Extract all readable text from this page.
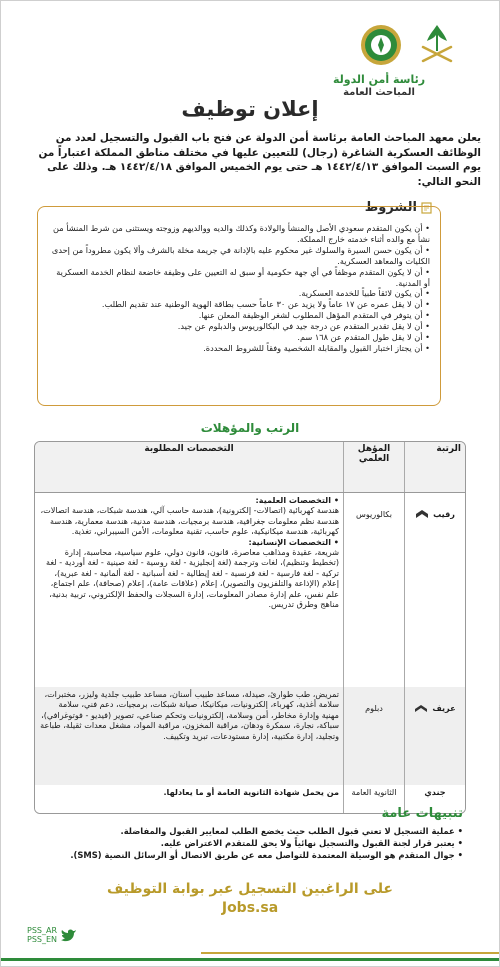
رئاسة أمن الدولة
المباحث العامة
إعلان توظيف
يعلن معهد المباحث العامة برئاسة أمن الدولة عن فتح باب القبول والتسجيل لعدد من الوظائف العسكرية الشاغرة (رجال) للتعيين عليها في مختلف مناطق المملكة اعتباراً من يوم السبت الموافق ١٤٤٢/٤/١٣ هـ حتى يوم الخميس الموافق ١٤٤٢/٤/١٨ هـ. وذلك على النحو التالي:
الشروط
• أن يكون المتقدم سعودي الأصل والمنشأ والولادة وكذلك والديه ووالديهم وزوجته ويستثنى من شرط المنشأ من نشأ مع والده أثناء خدمته خارج المملكة.
• أن يكون حسن السيرة والسلوك غير محكوم عليه بالإدانة في جريمة مخلة بالشرف وألا يكون مطروداً من إحدى الكليات والمعاهد العسكرية.
• أن لا يكون المتقدم موظفاً في أي جهة حكومية أو سبق له التعيين على وظيفة خاضعة لنظام الخدمة العسكرية أو المدنية.
• أن يكون لائقاً طبياً للخدمة العسكرية.
• أن لا يقل عمره عن ١٧ عاماً ولا يزيد عن ٣٠ عاماً حسب بطاقة الهوية الوطنية عند تقديم الطلب.
• أن يتوفر في المتقدم المؤهل المطلوب لشغر الوظيفة المعلن عنها.
• أن لا يقل تقدير المتقدم عن درجة جيد في البكالوريوس والدبلوم عن جيد.
• أن لا يقل طول المتقدم عن ١٦٨ سم.
• أن يجتاز اختبار القبول والمقابلة الشخصية وفقاً للشروط المحددة.
الرتب والمؤهلات
الرتبة	المؤهل العلمي	التخصصات المطلوبة

رقيب	بكالوريوس	• التخصصات العلمية:

هندسة كهربائية (اتصالات- إلكترونية)، هندسة حاسب آلي، هندسة شبكات، هندسة اتصالات، هندسة نظم معلومات جغرافية، هندسة برمجيات، هندسة مدنية، هندسة معمارية، هندسة كهربائية، هندسة ميكانيكية، علوم حاسب، تقنية معلومات، الأمن السيبراني، تغذية.

• التخصصات الإنسانية:

شريعة، عقيدة ومذاهب معاصرة، قانون، قانون دولي، علوم سياسية، محاسبة، إدارة (تخطيط وتنظيم)، لغات وترجمة (لغة إنجليزية - لغة روسية - لغة صينية - لغة أوردية - لغة تركية - لغة فارسية - لغة فرنسية - لغة إيطالية - لغة أسبانية - لغة ألمانية - لغة عبرية)، إعلام (الإذاعة والتلفزيون والتصوير)، إعلام (علاقات عامة)، إعلام (صحافة)، علم اجتماع، علم نفس، علم إدارة مصادر المعلومات، إدارة السجلات والحفظ الإلكتروني، تربية بدنية، مناهج وطرق تدريس.

عريف	دبلوم	تمريض، طب طوارئ، صيدلة، مساعد طبيب أسنان، مساعد طبيب جلدية وليزر، مختبرات، سلامة أغذية، كهرباء، إلكترونيات، ميكانيكا، صيانة شبكات، برمجيات، دعم فني، سلامة مهنية وإدارة مخاطر، أمن وسلامة، إلكترونيات وتحكم صناعي، تصوير (فيديو - فوتوغرافي)، سباكة، نجارة، سمكرة ودهان، مراقبة المخزون، مراقبة المواد، مشغل معدات ثقيلة، طباعة وتجليد، إدارة مكتبية، إدارة مستودعات، تبريد وتكييف.
جندي	الثانوية العامة	من يحمل شهادة الثانوية العامة أو ما يعادلها.
تنبيهات عامة
• عملية التسجيل لا تعني قبول الطلب حيث يخضع الطلب لمعايير القبول والمفاضلة.
• يعتبر قرار لجنة القبول والتسجيل نهائياً ولا يحق للمتقدم الاعتراض عليه.
• جوال المتقدم هو الوسيلة المعتمدة للتواصل معه عن طريق الاتصال أو الرسائل النصية (SMS).
على الراغبين التسجيل عبر بوابة التوظيف
Jobs.sa
PSS_AR
PSS_EN
